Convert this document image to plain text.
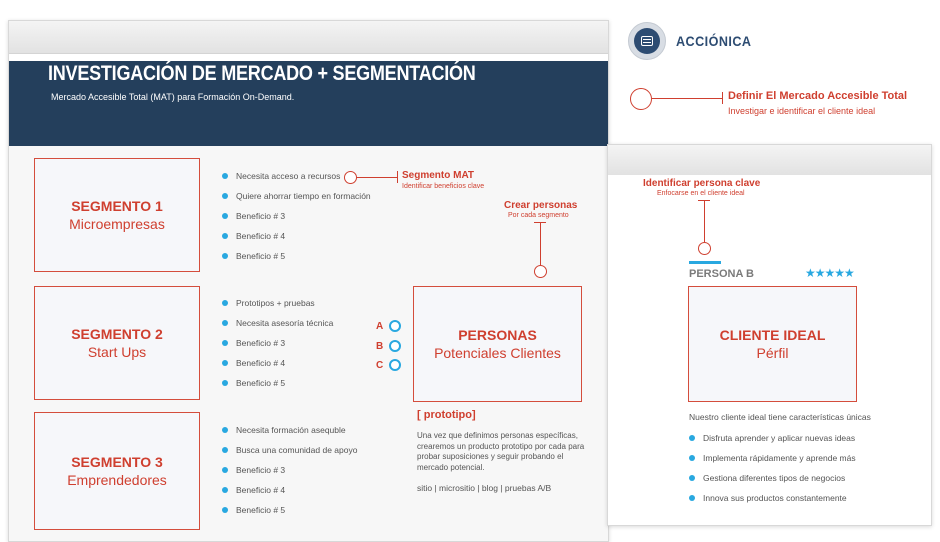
ACCIÓNICA
Definir El Mercado Accesible Total
Investigar e identificar el cliente ideal
INVESTIGACIÓN DE MERCADO + SEGMENTACIÓN
Mercado Accesible Total (MAT) para Formación On-Demand.
SEGMENTO 1
Microempresas
SEGMENTO 2
Start Ups
SEGMENTO 3
Emprendedores
Necesita acceso a recursos
Quiere ahorrar tiempo en formación
Beneficio # 3
Beneficio # 4
Beneficio # 5
Prototipos + pruebas
Necesita asesoría técnica
Beneficio # 3
Beneficio # 4
Beneficio # 5
Necesita formación asequble
Busca una comunidad de apoyo
Beneficio # 3
Beneficio # 4
Beneficio # 5
Segmento MAT
Identificar beneficios clave
Crear personas
Por cada segmento
A
B
C
PERSONAS
Potenciales Clientes
[ prototipo]
Una vez que definimos personas específicas, crearemos un producto prototipo por cada para probar suposiciones y seguir probando el mercado potencial.
sitio | micrositio | blog | pruebas A/B
Identificar persona clave
Enfocarse en el cliente ideal
PERSONA B	★★★★★
CLIENTE IDEAL
Pérfil
Nuestro cliente ideal tiene características únicas
Disfruta aprender y aplicar nuevas ideas
Implementa rápidamente y aprende más
Gestiona diferentes tipos de negocios
Innova sus productos constantemente
